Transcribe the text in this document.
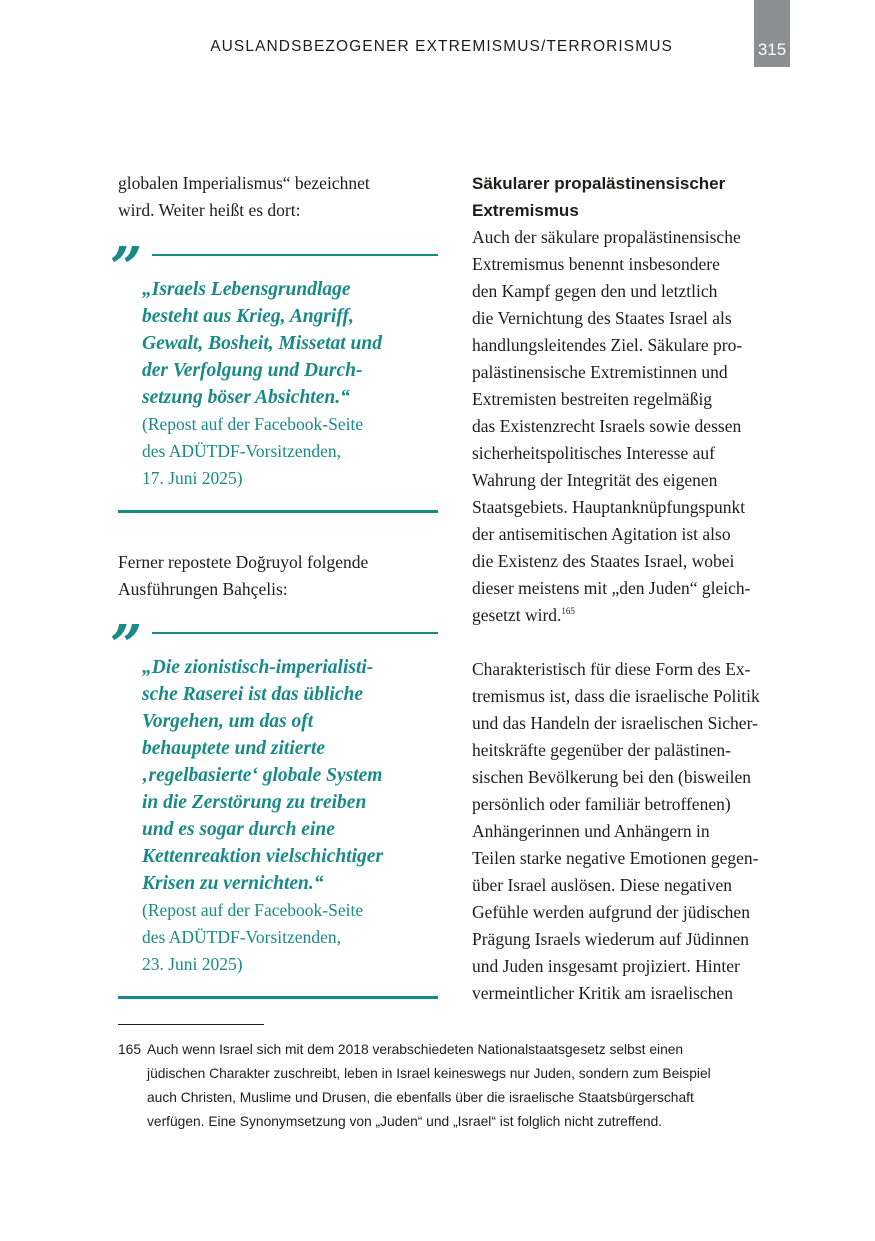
AUSLANDSBEZOGENER EXTREMISMUS/TERRORISMUS	315

globalen Imperialismus“ bezeichnet

wird. Weiter heißt es dort:

” „Israels Lebensgrundlage

besteht aus Krieg, Angriff,

Gewalt, Bosheit, Missetat und

der Verfolgung und Durch-

setzung böser Absichten.“

(Repost auf der Facebook-Seite

des ADÜTDF-Vorsitzenden,

17. Juni 2025)

Ferner repostete Doğruyol folgende

Ausführungen Bahçelis:

” „Die zionistisch-imperialisti-

sche Raserei ist das übliche

Vorgehen, um das oft

behauptete und zitierte

‚regelbasierte‘ globale System

in die Zerstörung zu treiben

und es sogar durch eine

Kettenreaktion vielschichtiger

Krisen zu vernichten.“

(Repost auf der Facebook-Seite

des ADÜTDF-Vorsitzenden,

23. Juni 2025)

Säkularer propalästinensischer

Extremismus

Auch der säkulare propalästinensische

Extremismus benennt insbesondere

den Kampf gegen den und letztlich

die Vernichtung des Staates Israel als

handlungsleitendes Ziel. Säkulare pro-

palästinensische Extremistinnen und

Extremisten bestreiten regelmäßig

das Existenzrecht Israels sowie dessen

sicherheitspolitisches Interesse auf

Wahrung der Integrität des eigenen

Staatsgebiets. Hauptanknüpfungspunkt

der antisemitischen Agitation ist also

die Existenz des Staates Israel, wobei

dieser meistens mit „den Juden“ gleich-

gesetzt wird.$^{165}$

Charakteristisch für diese Form des Ex-

tremismus ist, dass die israelische Politik

und das Handeln der israelischen Sicher-

heitskräfte gegenüber der palästinen-

sischen Bevölkerung bei den (bisweilen

persönlich oder familiär betroffenen)

Anhängerinnen und Anhängern in

Teilen starke negative Emotionen gegen-

über Israel auslösen. Diese negativen

Gefühle werden aufgrund der jüdischen

Prägung Israels wiederum auf Jüdinnen

und Juden insgesamt projiziert. Hinter

vermeintlicher Kritik am israelischen

165 Auch wenn Israel sich mit dem 2018 verabschiedeten Nationalstaatsgesetz selbst einen

jüdischen Charakter zuschreibt, leben in Israel keineswegs nur Juden, sondern zum Beispiel

auch Christen, Muslime und Drusen, die ebenfalls über die israelische Staatsbürgerschaft

verfügen. Eine Synonymsetzung von „Juden“ und „Israel“ ist folglich nicht zutreffend.
